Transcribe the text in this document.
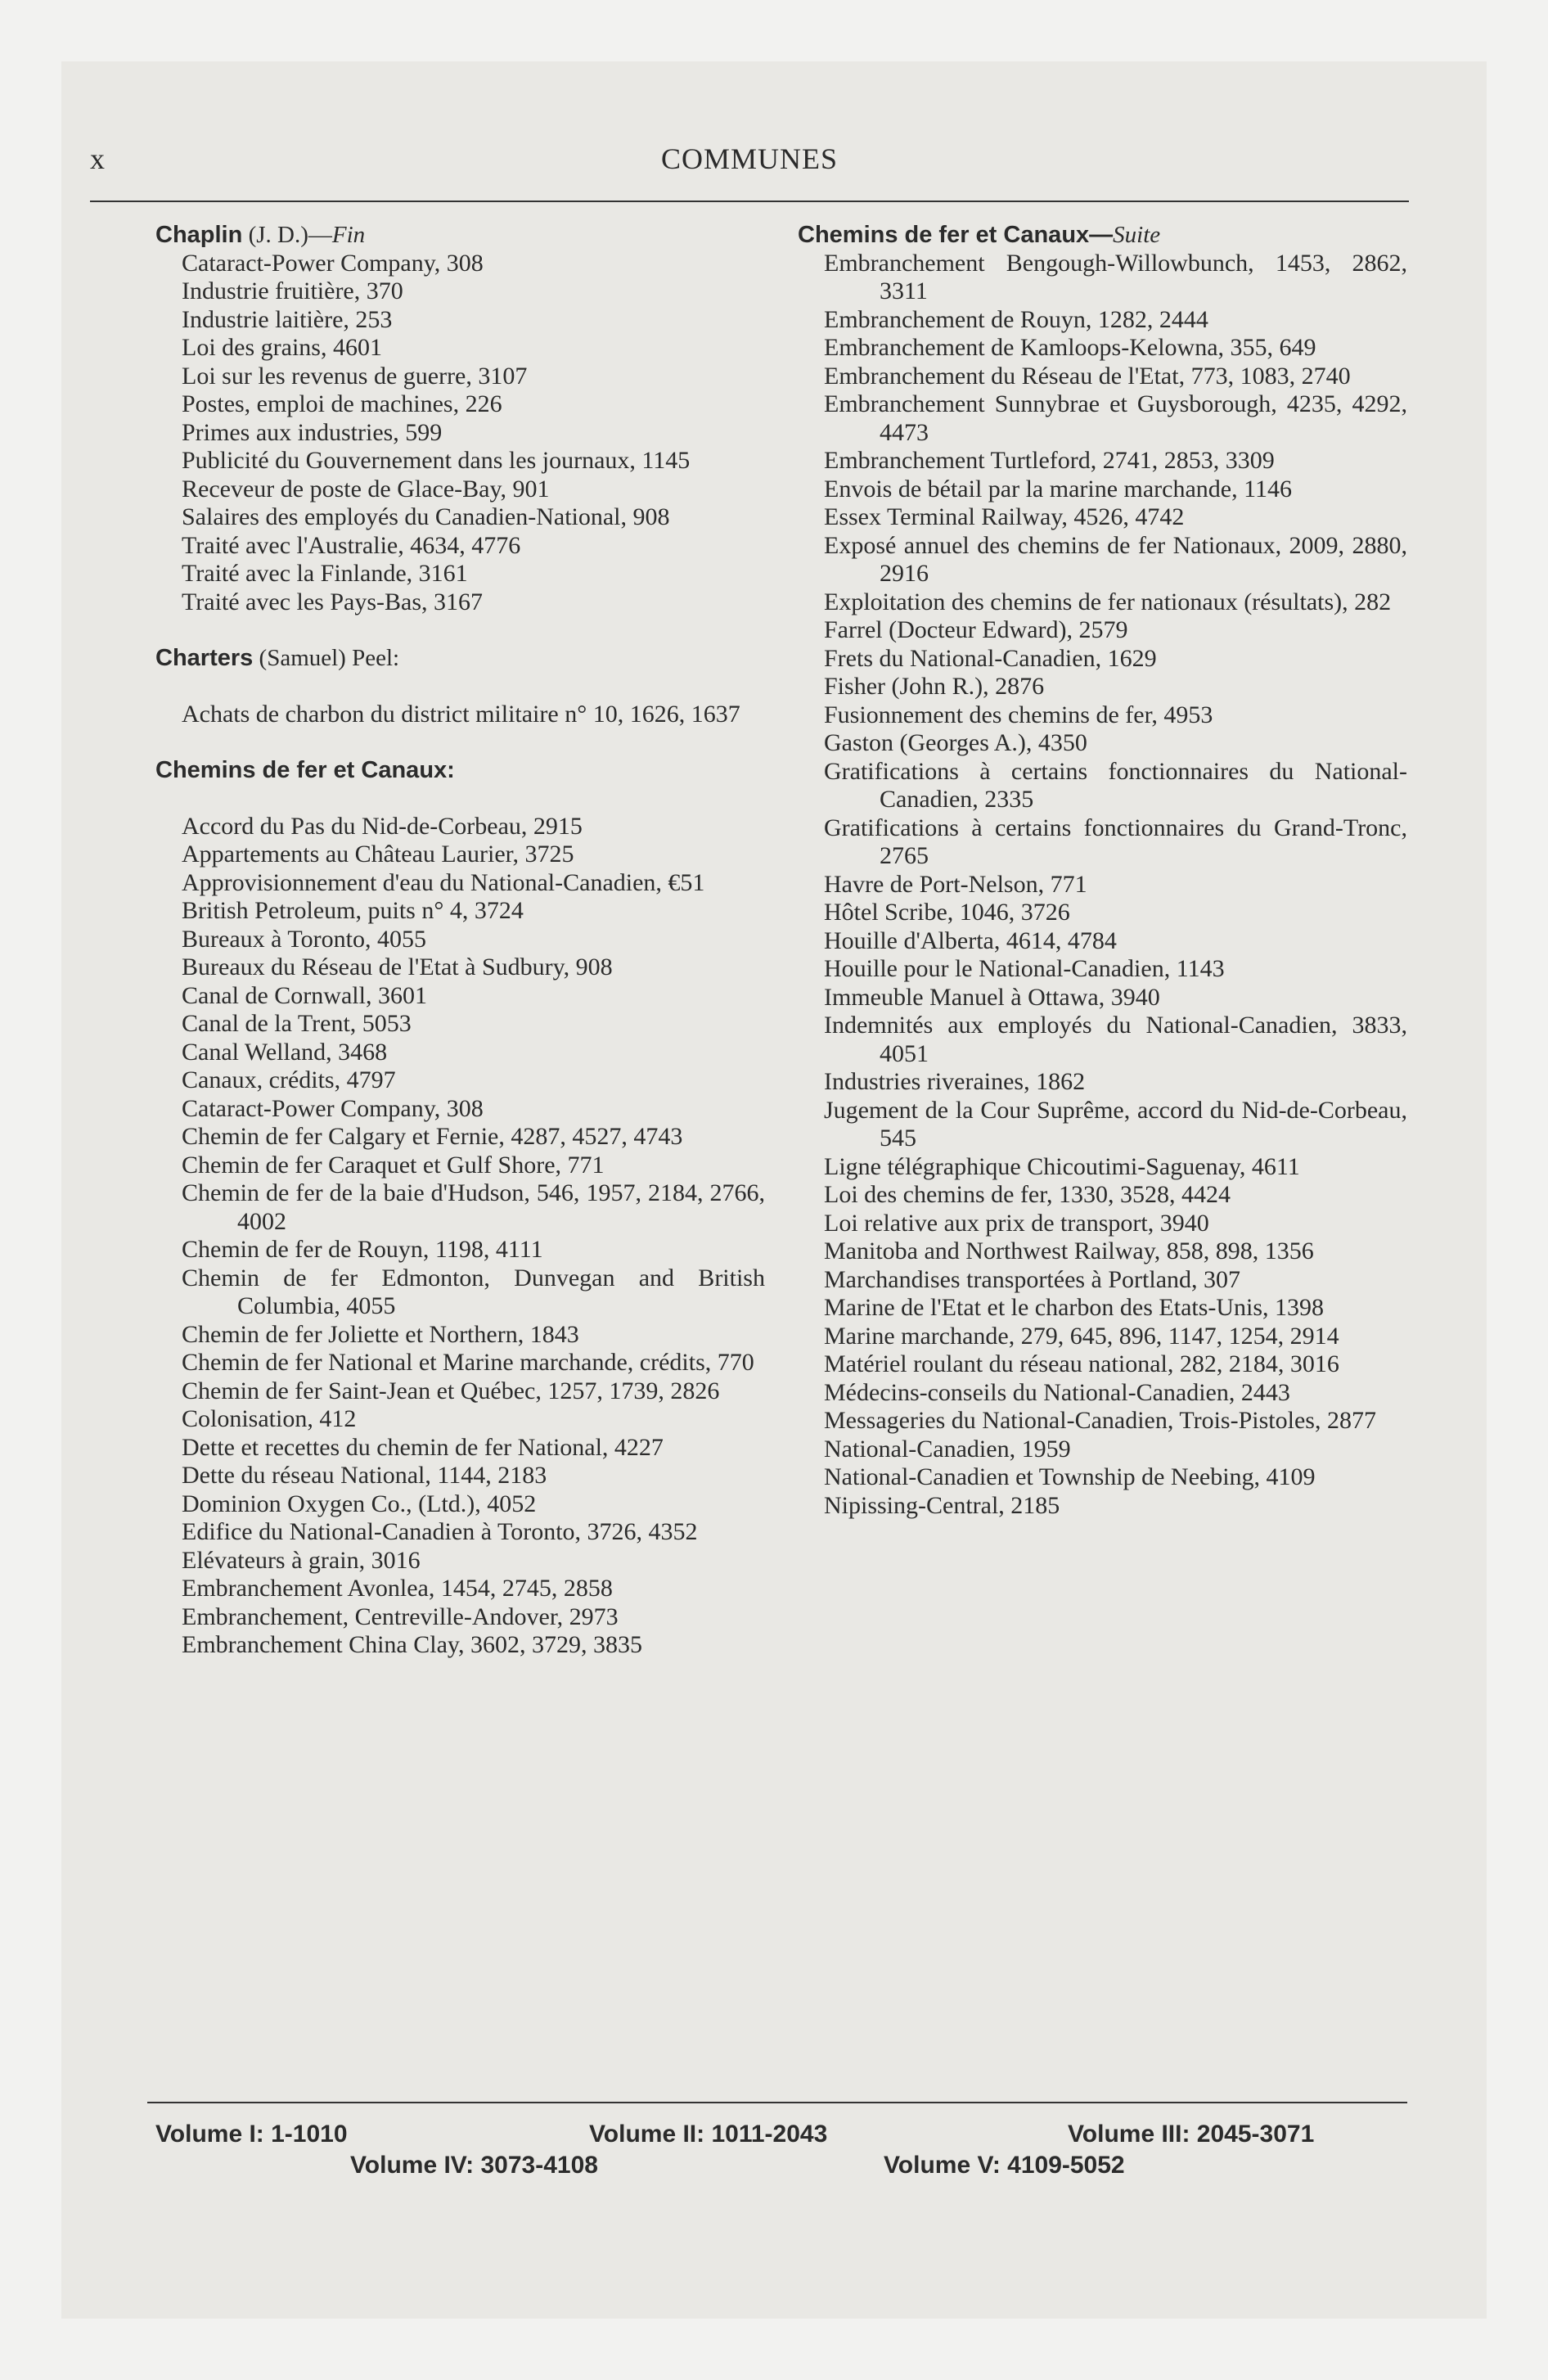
x	COMMUNES
Chaplin (J. D.)—Fin
Cataract-Power Company, 308
Industrie fruitière, 370
Industrie laitière, 253
Loi des grains, 4601
Loi sur les revenus de guerre, 3107
Postes, emploi de machines, 226
Primes aux industries, 599
Publicité du Gouvernement dans les journaux, 1145
Receveur de poste de Glace-Bay, 901
Salaires des employés du Canadien-National, 908
Traité avec l'Australie, 4634, 4776
Traité avec la Finlande, 3161
Traité avec les Pays-Bas, 3167
Charters (Samuel) Peel:
Achats de charbon du district militaire n° 10, 1626, 1637
Chemins de fer et Canaux:
Accord du Pas du Nid-de-Corbeau, 2915
Appartements au Château Laurier, 3725
Approvisionnement d'eau du National-Canadien, €51
British Petroleum, puits n° 4, 3724
Bureaux à Toronto, 4055
Bureaux du Réseau de l'Etat à Sudbury, 908
Canal de Cornwall, 3601
Canal de la Trent, 5053
Canal Welland, 3468
Canaux, crédits, 4797
Cataract-Power Company, 308
Chemin de fer Calgary et Fernie, 4287, 4527, 4743
Chemin de fer Caraquet et Gulf Shore, 771
Chemin de fer de la baie d'Hudson, 546, 1957, 2184, 2766, 4002
Chemin de fer de Rouyn, 1198, 4111
Chemin de fer Edmonton, Dunvegan and British Columbia, 4055
Chemin de fer Joliette et Northern, 1843
Chemin de fer National et Marine marchande, crédits, 770
Chemin de fer Saint-Jean et Québec, 1257, 1739, 2826
Colonisation, 412
Dette et recettes du chemin de fer National, 4227
Dette du réseau National, 1144, 2183
Dominion Oxygen Co., (Ltd.), 4052
Edifice du National-Canadien à Toronto, 3726, 4352
Elévateurs à grain, 3016
Embranchement Avonlea, 1454, 2745, 2858
Embranchement, Centreville-Andover, 2973
Embranchement China Clay, 3602, 3729, 3835
Chemins de fer et Canaux—Suite
Embranchement Bengough-Willowbunch, 1453, 2862, 3311
Embranchement de Rouyn, 1282, 2444
Embranchement de Kamloops-Kelowna, 355, 649
Embranchement du Réseau de l'Etat, 773, 1083, 2740
Embranchement Sunnybrae et Guysborough, 4235, 4292, 4473
Embranchement Turtleford, 2741, 2853, 3309
Envois de bétail par la marine marchande, 1146
Essex Terminal Railway, 4526, 4742
Exposé annuel des chemins de fer Nationaux, 2009, 2880, 2916
Exploitation des chemins de fer nationaux (résultats), 282
Farrel (Docteur Edward), 2579
Frets du National-Canadien, 1629
Fisher (John R.), 2876
Fusionnement des chemins de fer, 4953
Gaston (Georges A.), 4350
Gratifications à certains fonctionnaires du National-Canadien, 2335
Gratifications à certains fonctionnaires du Grand-Tronc, 2765
Havre de Port-Nelson, 771
Hôtel Scribe, 1046, 3726
Houille d'Alberta, 4614, 4784
Houille pour le National-Canadien, 1143
Immeuble Manuel à Ottawa, 3940
Indemnités aux employés du National-Canadien, 3833, 4051
Industries riveraines, 1862
Jugement de la Cour Suprême, accord du Nid-de-Corbeau, 545
Ligne télégraphique Chicoutimi-Saguenay, 4611
Loi des chemins de fer, 1330, 3528, 4424
Loi relative aux prix de transport, 3940
Manitoba and Northwest Railway, 858, 898, 1356
Marchandises transportées à Portland, 307
Marine de l'Etat et le charbon des Etats-Unis, 1398
Marine marchande, 279, 645, 896, 1147, 1254, 2914
Matériel roulant du réseau national, 282, 2184, 3016
Médecins-conseils du National-Canadien, 2443
Messageries du National-Canadien, Trois-Pistoles, 2877
National-Canadien, 1959
National-Canadien et Township de Neebing, 4109
Nipissing-Central, 2185
Volume I: 1-1010	Volume II: 1011-2043	Volume III: 2045-3071
Volume IV: 3073-4108	Volume V: 4109-5052
